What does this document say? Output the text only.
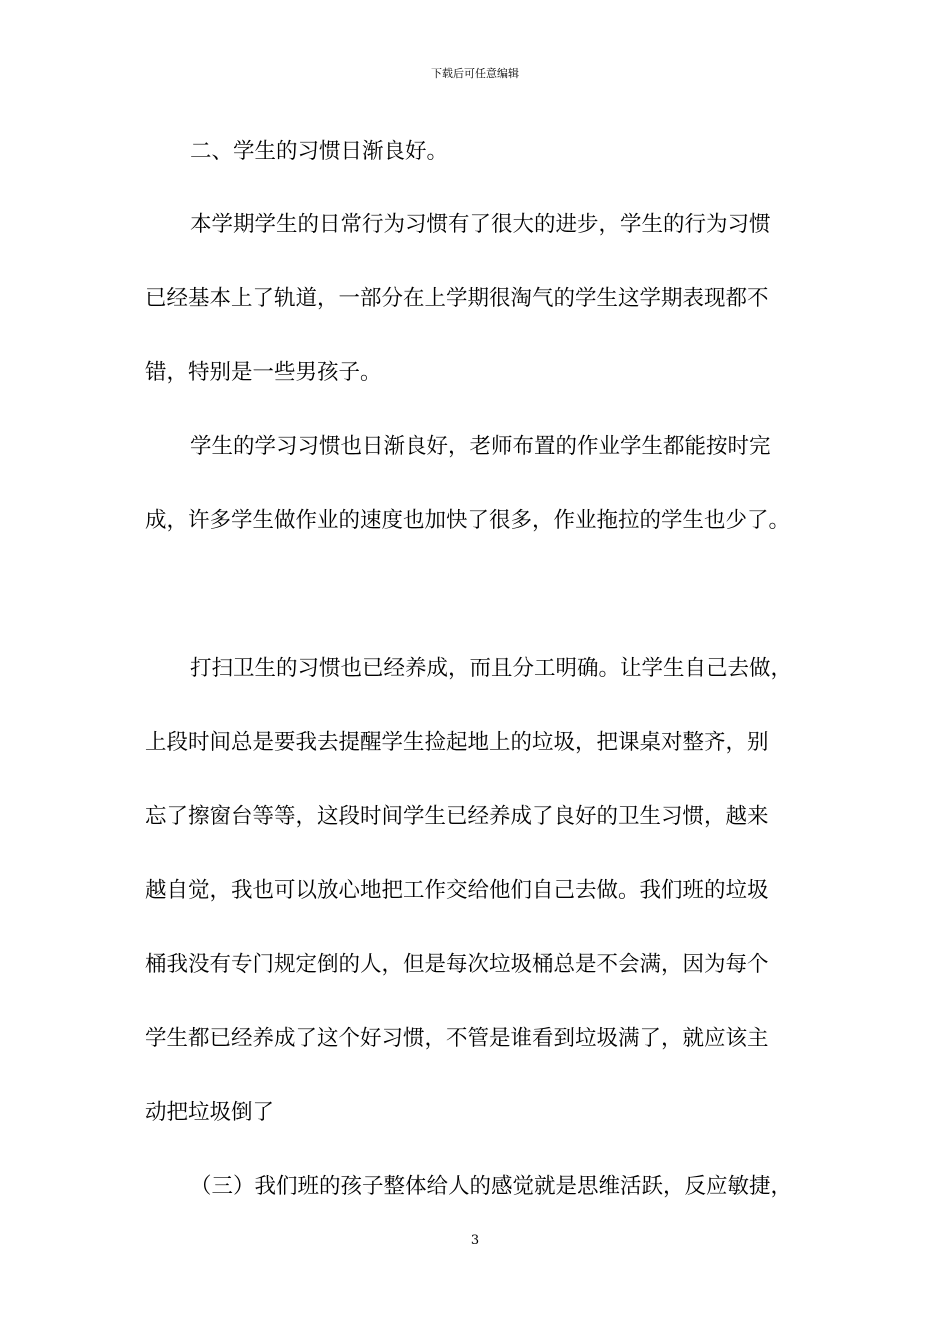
下载后可任意编辑
二、学生的习惯日渐良好。
本学期学生的日常行为习惯有了很大的进步，学生的行为习惯
已经基本上了轨道，一部分在上学期很淘气的学生这学期表现都不
错，特别是一些男孩子。
学生的学习习惯也日渐良好，老师布置的作业学生都能按时完
成，许多学生做作业的速度也加快了很多，作业拖拉的学生也少了。
打扫卫生的习惯也已经养成，而且分工明确。让学生自己去做，
上段时间总是要我去提醒学生捡起地上的垃圾，把课桌对整齐，别
忘了擦窗台等等，这段时间学生已经养成了良好的卫生习惯，越来
越自觉，我也可以放心地把工作交给他们自己去做。我们班的垃圾
桶我没有专门规定倒的人，但是每次垃圾桶总是不会满，因为每个
学生都已经养成了这个好习惯，不管是谁看到垃圾满了，就应该主
动把垃圾倒了
（三）我们班的孩子整体给人的感觉就是思维活跃，反应敏捷，
3
